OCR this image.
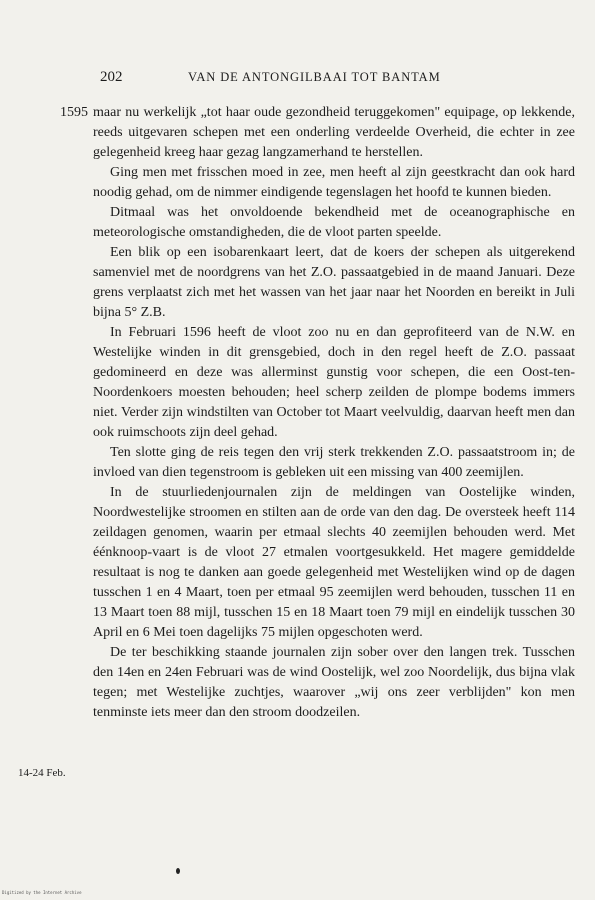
202	VAN DE ANTONGILBAAI TOT BANTAM
1595 maar nu werkelijk „tot haar oude gezondheid teruggekomen" equipage, op lekkende, reeds uitgevaren schepen met een onderling verdeelde Overheid, die echter in zee gelegenheid kreeg haar gezag langzamerhand te herstellen.

Ging men met frisschen moed in zee, men heeft al zijn geestkracht dan ook hard noodig gehad, om de nimmer eindigende tegenslagen het hoofd te kunnen bieden.

Ditmaal was het onvoldoende bekendheid met de oceanographische en meteorologische omstandigheden, die de vloot parten speelde.

Een blik op een isobarenkaart leert, dat de koers der schepen als uitgerekend samenviel met de noordgrens van het Z.O. passaatgebied in de maand Januari. Deze grens verplaatst zich met het wassen van het jaar naar het Noorden en bereikt in Juli bijna 5° Z.B.

In Februari 1596 heeft de vloot zoo nu en dan geprofiteerd van de N.W. en Westelijke winden in dit grensgebied, doch in den regel heeft de Z.O. passaat gedomineerd en deze was allerminst gunstig voor schepen, die een Oost-ten-Noordenkoers moesten behouden; heel scherp zeilden de plompe bodems immers niet. Verder zijn windstilten van October tot Maart veelvuldig, daarvan heeft men dan ook ruimschoots zijn deel gehad.

Ten slotte ging de reis tegen den vrij sterk trekkenden Z.O. passaatstroom in; de invloed van dien tegenstroom is gebleken uit een missing van 400 zeemijlen.

In de stuurliedenjournalen zijn de meldingen van Oostelijke winden, Noordwestelijke stroomen en stilten aan de orde van den dag. De oversteek heeft 114 zeildagen genomen, waarin per etmaal slechts 40 zeemijlen behouden werd. Met éénknoop-vaart is de vloot 27 etmalen voortgesukkeld. Het magere gemiddelde resultaat is nog te danken aan goede gelegenheid met Westelijken wind op de dagen tusschen 1 en 4 Maart, toen per etmaal 95 zeemijlen werd behouden, tusschen 11 en 13 Maart toen 88 mijl, tusschen 15 en 18 Maart toen 79 mijl en eindelijk tusschen 30 April en 6 Mei toen dagelijks 75 mijlen opgeschoten werd.

De ter beschikking staande journalen zijn sober over den langen trek. Tusschen den 14en en 24en Februari was de wind Oostelijk, wel zoo Noordelijk, dus bijna vlak tegen; met Westelijke zuchtjes, waarover „wij ons zeer verblijden" kon men tenminste iets meer dan den stroom doodzeilen.

14-24 Feb.
Digitized by the Internet Archive
